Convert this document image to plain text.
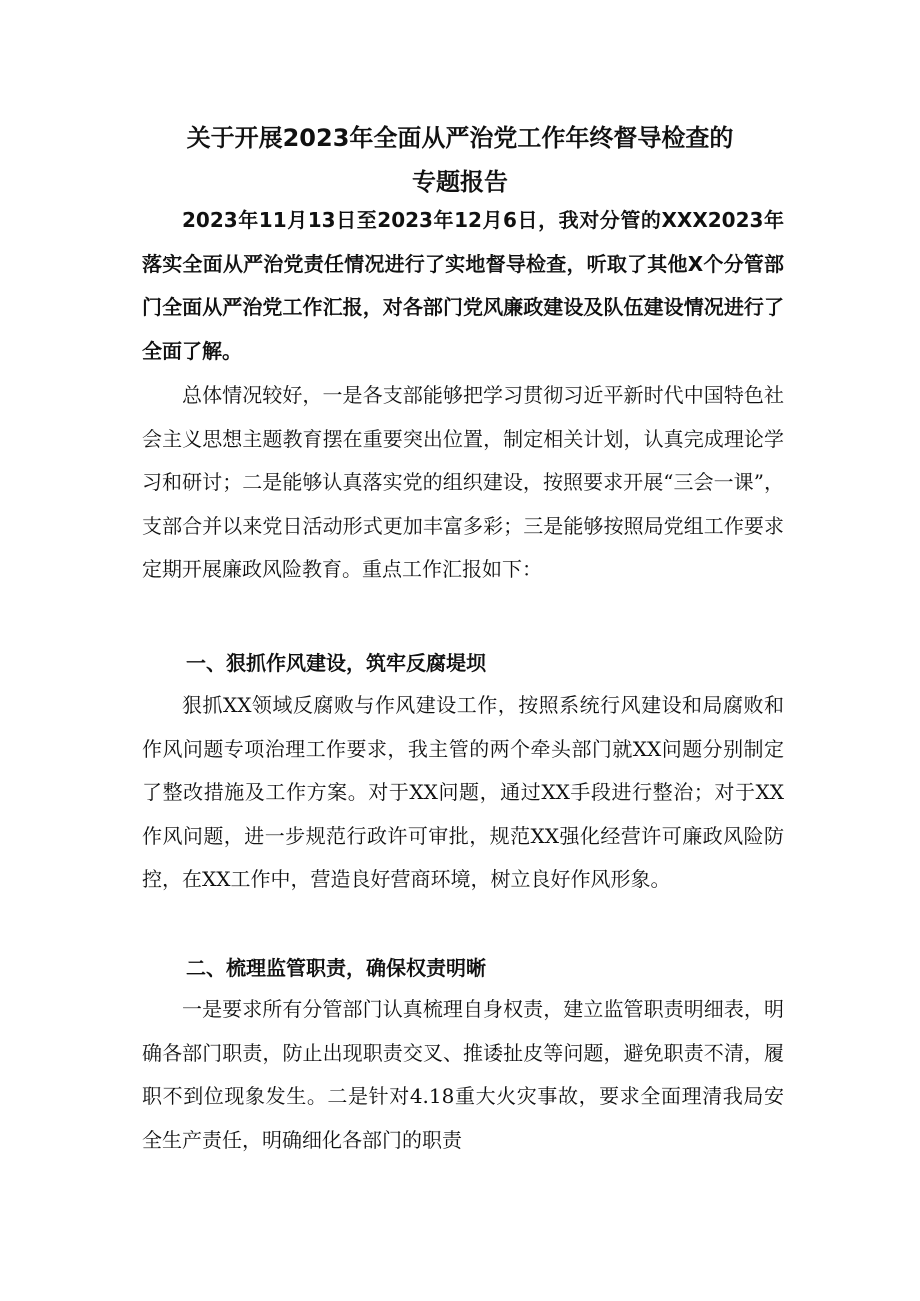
关于开展2023年全面从严治党工作年终督导检查的
专题报告

2023年11月13日至2023年12月6日，我对分管的XXX2023年落实全面从严治党责任情况进行了实地督导检查，听取了其他X个分管部门全面从严治党工作汇报，对各部门党风廉政建设及队伍建设情况进行了全面了解。

总体情况较好，一是各支部能够把学习贯彻习近平新时代中国特色社会主义思想主题教育摆在重要突出位置，制定相关计划，认真完成理论学习和研讨；二是能够认真落实党的组织建设，按照要求开展“三会一课”，支部合并以来党日活动形式更加丰富多彩；三是能够按照局党组工作要求定期开展廉政风险教育。重点工作汇报如下：

一、狠抓作风建设，筑牢反腐堤坝

狠抓XX领域反腐败与作风建设工作，按照系统行风建设和局腐败和作风问题专项治理工作要求，我主管的两个牵头部门就XX问题分别制定了整改措施及工作方案。对于XX问题，通过XX手段进行整治；对于XX作风问题，进一步规范行政许可审批，规范XX强化经营许可廉政风险防控，在XX工作中，营造良好营商环境，树立良好作风形象。

二、梳理监管职责，确保权责明晰

一是要求所有分管部门认真梳理自身权责，建立监管职责明细表，明确各部门职责，防止出现职责交叉、推诿扯皮等问题，避免职责不清，履职不到位现象发生。二是针对4.18重大火灾事故，要求全面理清我局安全生产责任，明确细化各部门的职责
